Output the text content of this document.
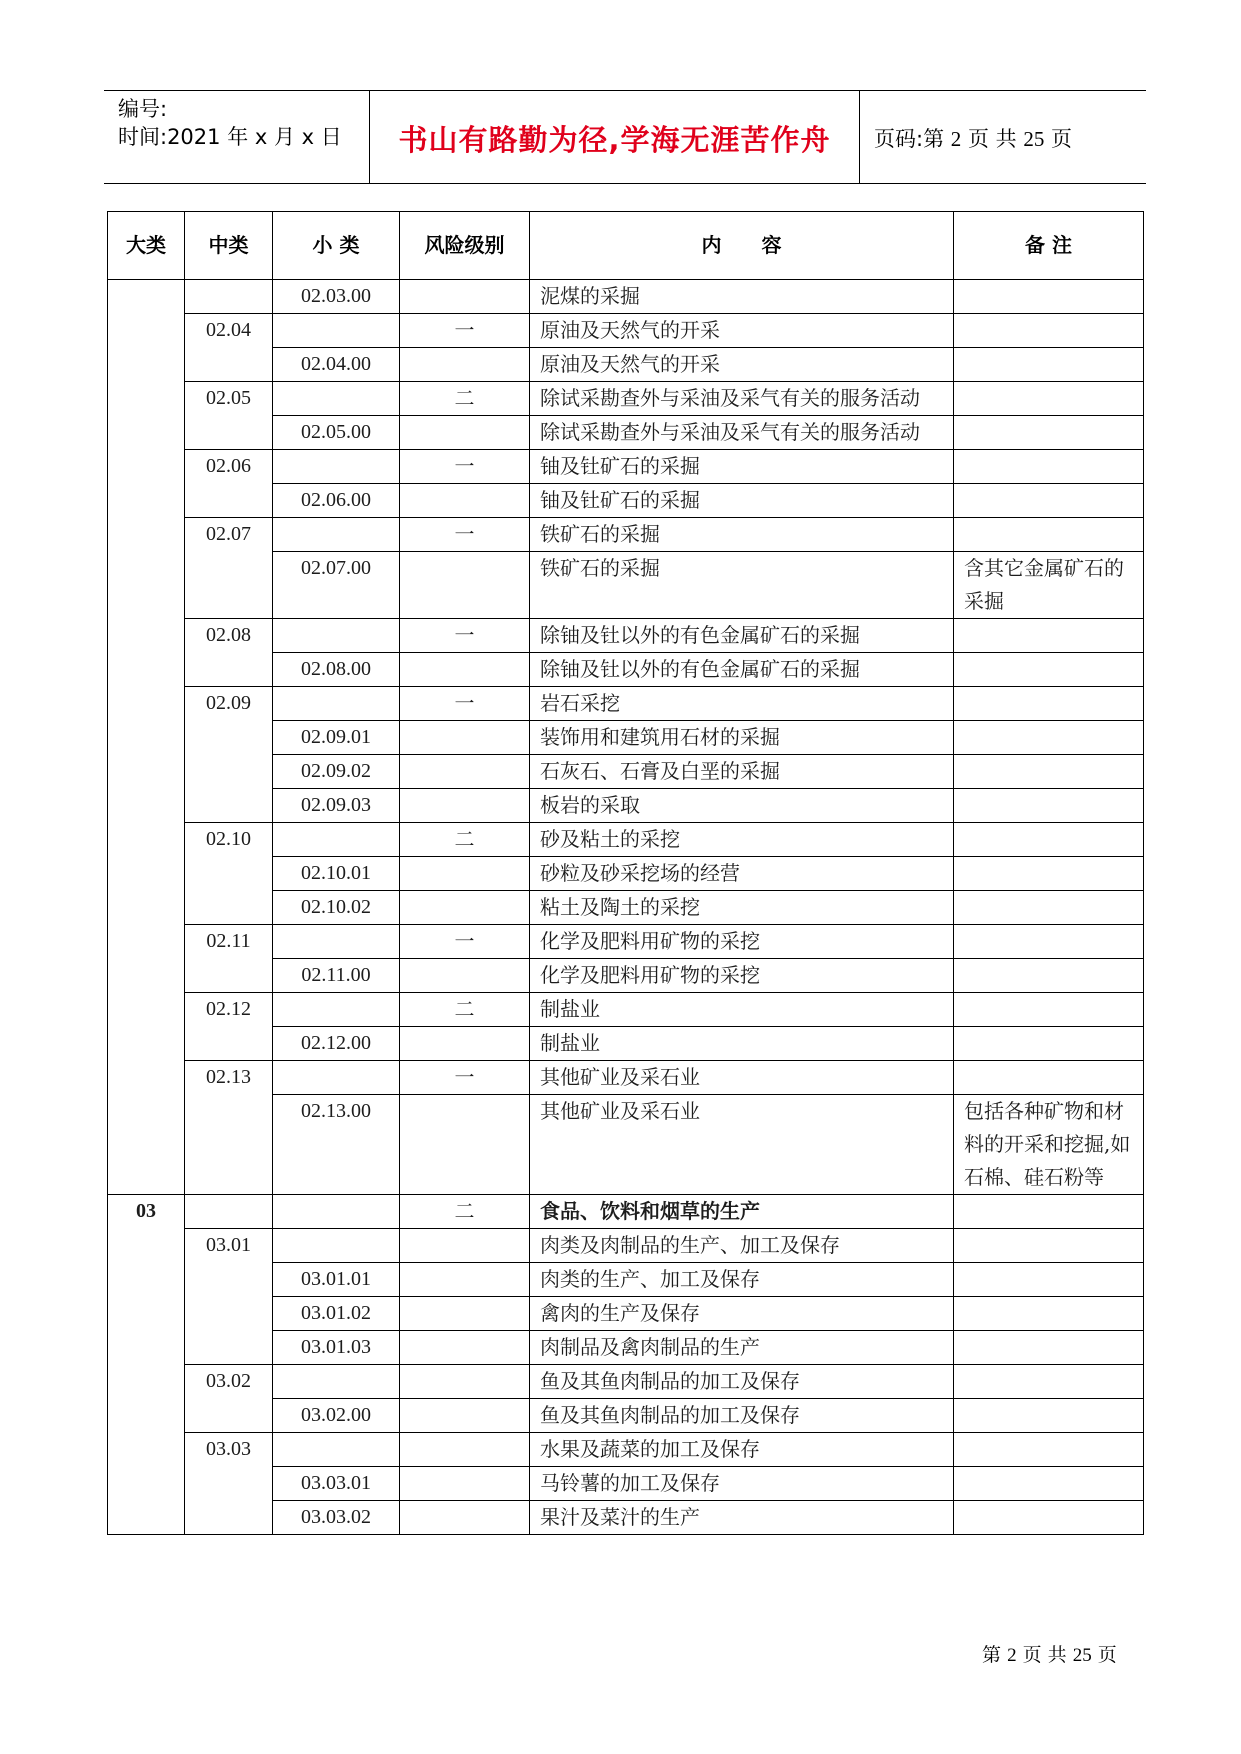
编号:
时间:2021 年 x 月 x 日	书山有路勤为径,学海无涯苦作舟	页码:第 2 页 共 25 页
大类	中类	小 类	风险级别	内　　容	备 注
		02.03.00		泥煤的采掘	
	02.04		一	原油及天然气的开采	
		02.04.00		原油及天然气的开采	
	02.05		二	除试采勘查外与采油及采气有关的服务活动	
		02.05.00		除试采勘查外与采油及采气有关的服务活动	
	02.06		一	铀及钍矿石的采掘	
		02.06.00		铀及钍矿石的采掘	
	02.07		一	铁矿石的采掘	
		02.07.00		铁矿石的采掘	含其它金属矿石的采掘
	02.08		一	除铀及钍以外的有色金属矿石的采掘	
		02.08.00		除铀及钍以外的有色金属矿石的采掘	
	02.09		一	岩石采挖	
		02.09.01		装饰用和建筑用石材的采掘	
		02.09.02		石灰石、石膏及白垩的采掘	
		02.09.03		板岩的采取	
	02.10		二	砂及粘土的采挖	
		02.10.01		砂粒及砂采挖场的经营	
		02.10.02		粘土及陶土的采挖	
	02.11		一	化学及肥料用矿物的采挖	
		02.11.00		化学及肥料用矿物的采挖	
	02.12		二	制盐业	
		02.12.00		制盐业	
	02.13		一	其他矿业及采石业	
		02.13.00		其他矿业及采石业	包括各种矿物和材料的开采和挖掘,如石棉、硅石粉等
03			二	食品、饮料和烟草的生产	
	03.01			肉类及肉制品的生产、加工及保存	
		03.01.01		肉类的生产、加工及保存	
		03.01.02		禽肉的生产及保存	
		03.01.03		肉制品及禽肉制品的生产	
	03.02			鱼及其鱼肉制品的加工及保存	
		03.02.00		鱼及其鱼肉制品的加工及保存	
	03.03			水果及蔬菜的加工及保存	
		03.03.01		马铃薯的加工及保存	
		03.03.02		果汁及菜汁的生产	
第 2 页 共 25 页
